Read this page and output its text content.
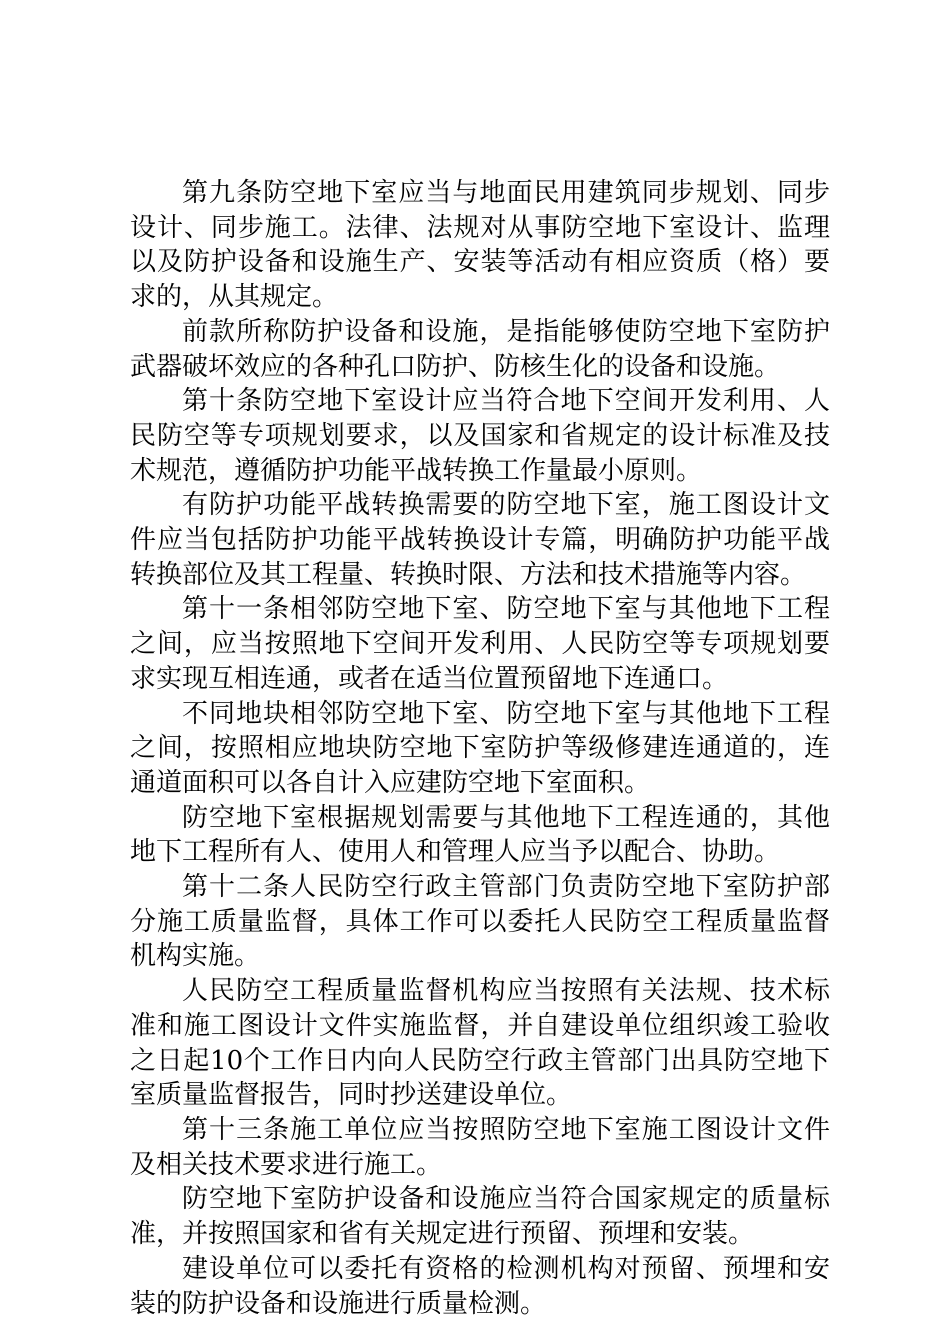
第九条防空地下室应当与地面民用建筑同步规划、同步设计、同步施工。法律、法规对从事防空地下室设计、监理以及防护设备和设施生产、安装等活动有相应资质（格）要求的，从其规定。

前款所称防护设备和设施，是指能够使防空地下室防护武器破坏效应的各种孔口防护、防核生化的设备和设施。

第十条防空地下室设计应当符合地下空间开发利用、人民防空等专项规划要求，以及国家和省规定的设计标准及技术规范，遵循防护功能平战转换工作量最小原则。

有防护功能平战转换需要的防空地下室，施工图设计文件应当包括防护功能平战转换设计专篇，明确防护功能平战转换部位及其工程量、转换时限、方法和技术措施等内容。

第十一条相邻防空地下室、防空地下室与其他地下工程之间，应当按照地下空间开发利用、人民防空等专项规划要求实现互相连通，或者在适当位置预留地下连通口。

不同地块相邻防空地下室、防空地下室与其他地下工程之间，按照相应地块防空地下室防护等级修建连通道的，连通道面积可以各自计入应建防空地下室面积。

防空地下室根据规划需要与其他地下工程连通的，其他地下工程所有人、使用人和管理人应当予以配合、协助。

第十二条人民防空行政主管部门负责防空地下室防护部分施工质量监督，具体工作可以委托人民防空工程质量监督机构实施。

人民防空工程质量监督机构应当按照有关法规、技术标准和施工图设计文件实施监督，并自建设单位组织竣工验收之日起10个工作日内向人民防空行政主管部门出具防空地下室质量监督报告，同时抄送建设单位。

第十三条施工单位应当按照防空地下室施工图设计文件及相关技术要求进行施工。

防空地下室防护设备和设施应当符合国家规定的质量标准，并按照国家和省有关规定进行预留、预埋和安装。

建设单位可以委托有资格的检测机构对预留、预埋和安装的防护设备和设施进行质量检测。
